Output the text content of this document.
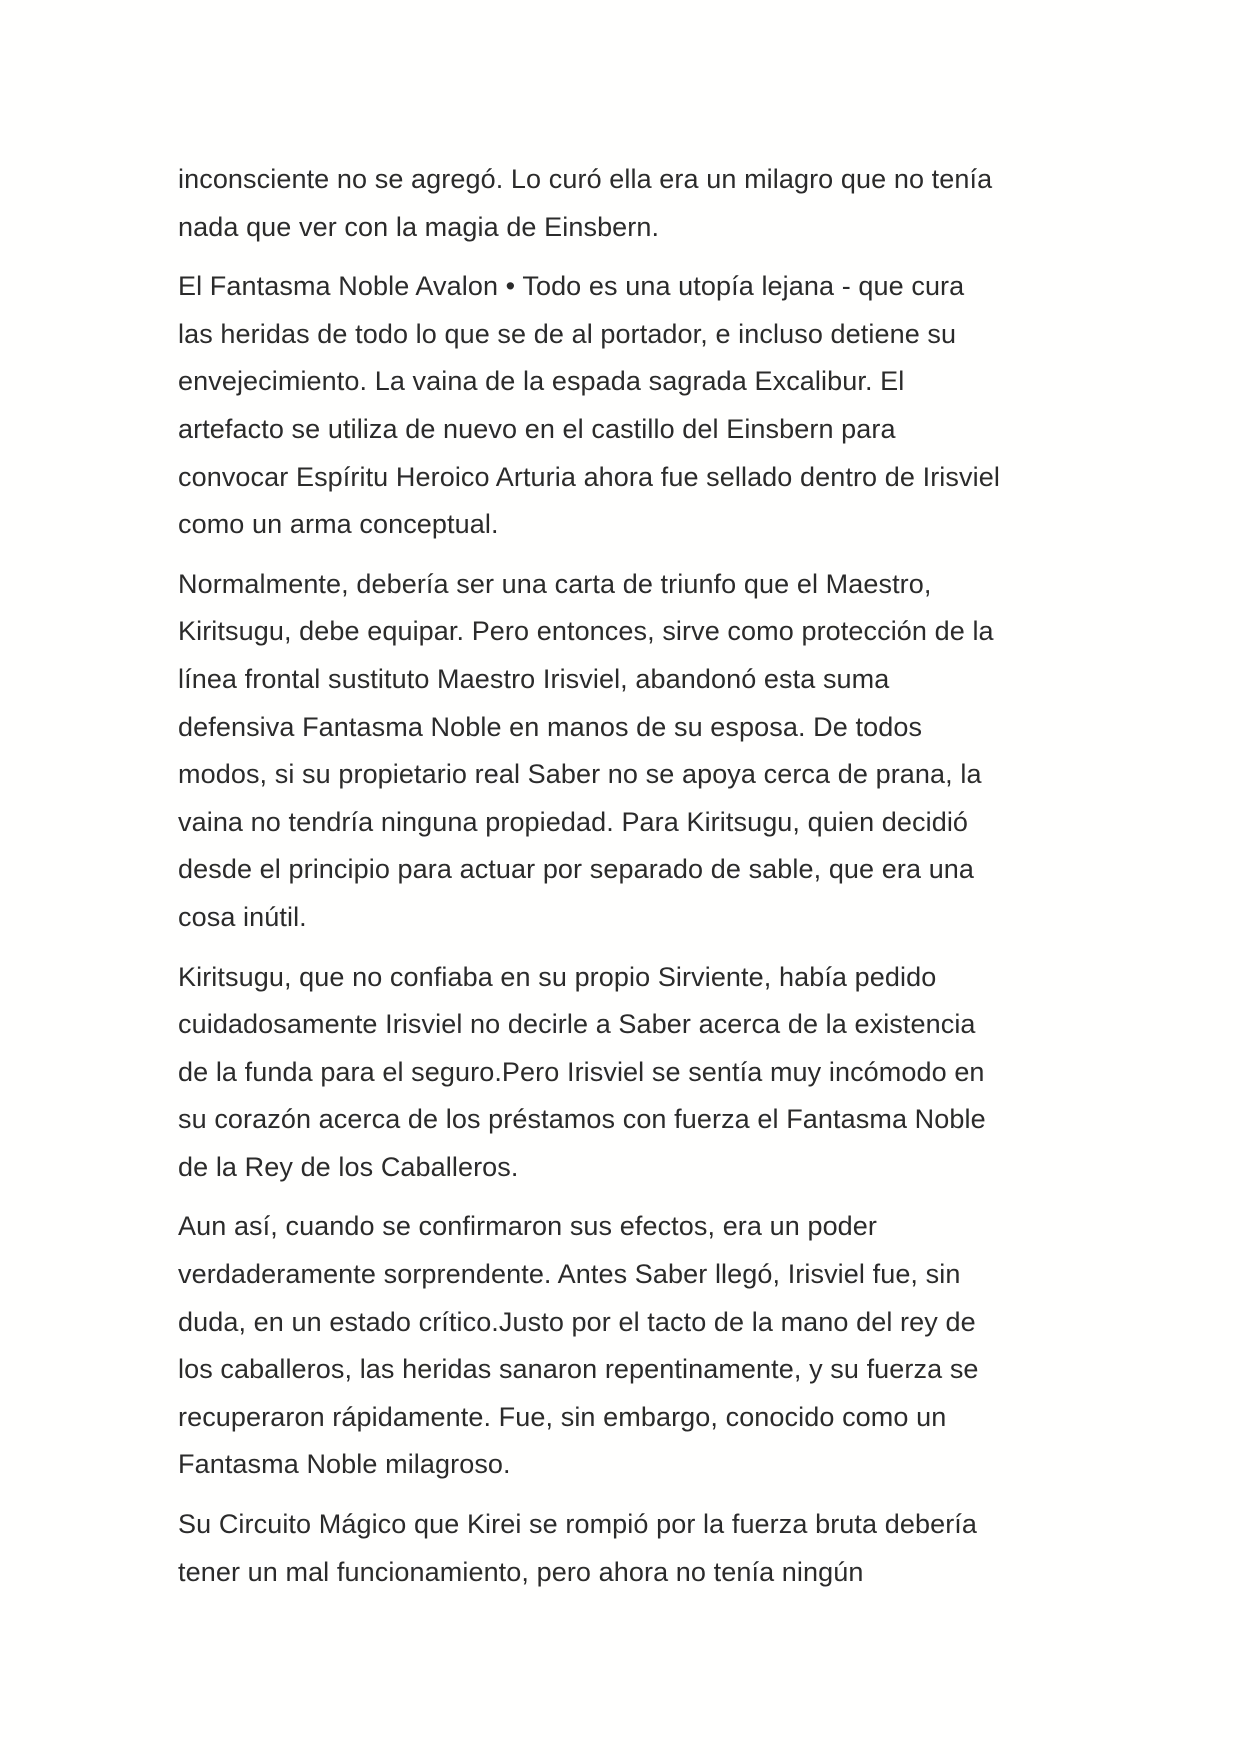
inconsciente no se agregó. Lo curó ella era un milagro que no tenía
nada que ver con la magia de Einsbern.

El Fantasma Noble Avalon • Todo es una utopía lejana - que cura
las heridas de todo lo que se de al portador, e incluso detiene su
envejecimiento. La vaina de la espada sagrada Excalibur. El
artefacto se utiliza de nuevo en el castillo del Einsbern para
convocar Espíritu Heroico Arturia ahora fue sellado dentro de Irisviel
como un arma conceptual.

Normalmente, debería ser una carta de triunfo que el Maestro,
Kiritsugu, debe equipar. Pero entonces, sirve como protección de la
línea frontal sustituto Maestro Irisviel, abandonó esta suma
defensiva Fantasma Noble en manos de su esposa. De todos
modos, si su propietario real Saber no se apoya cerca de prana, la
vaina no tendría ninguna propiedad. Para Kiritsugu, quien decidió
desde el principio para actuar por separado de sable, que era una
cosa inútil.

Kiritsugu, que no confiaba en su propio Sirviente, había pedido
cuidadosamente Irisviel no decirle a Saber acerca de la existencia
de la funda para el seguro.Pero Irisviel se sentía muy incómodo en
su corazón acerca de los préstamos con fuerza el Fantasma Noble
de la Rey de los Caballeros.

Aun así, cuando se confirmaron sus efectos, era un poder
verdaderamente sorprendente. Antes Saber llegó, Irisviel fue, sin
duda, en un estado crítico.Justo por el tacto de la mano del rey de
los caballeros, las heridas sanaron repentinamente, y su fuerza se
recuperaron rápidamente. Fue, sin embargo, conocido como un
Fantasma Noble milagroso.

Su Circuito Mágico que Kirei se rompió por la fuerza bruta debería
tener un mal funcionamiento, pero ahora no tenía ningún
